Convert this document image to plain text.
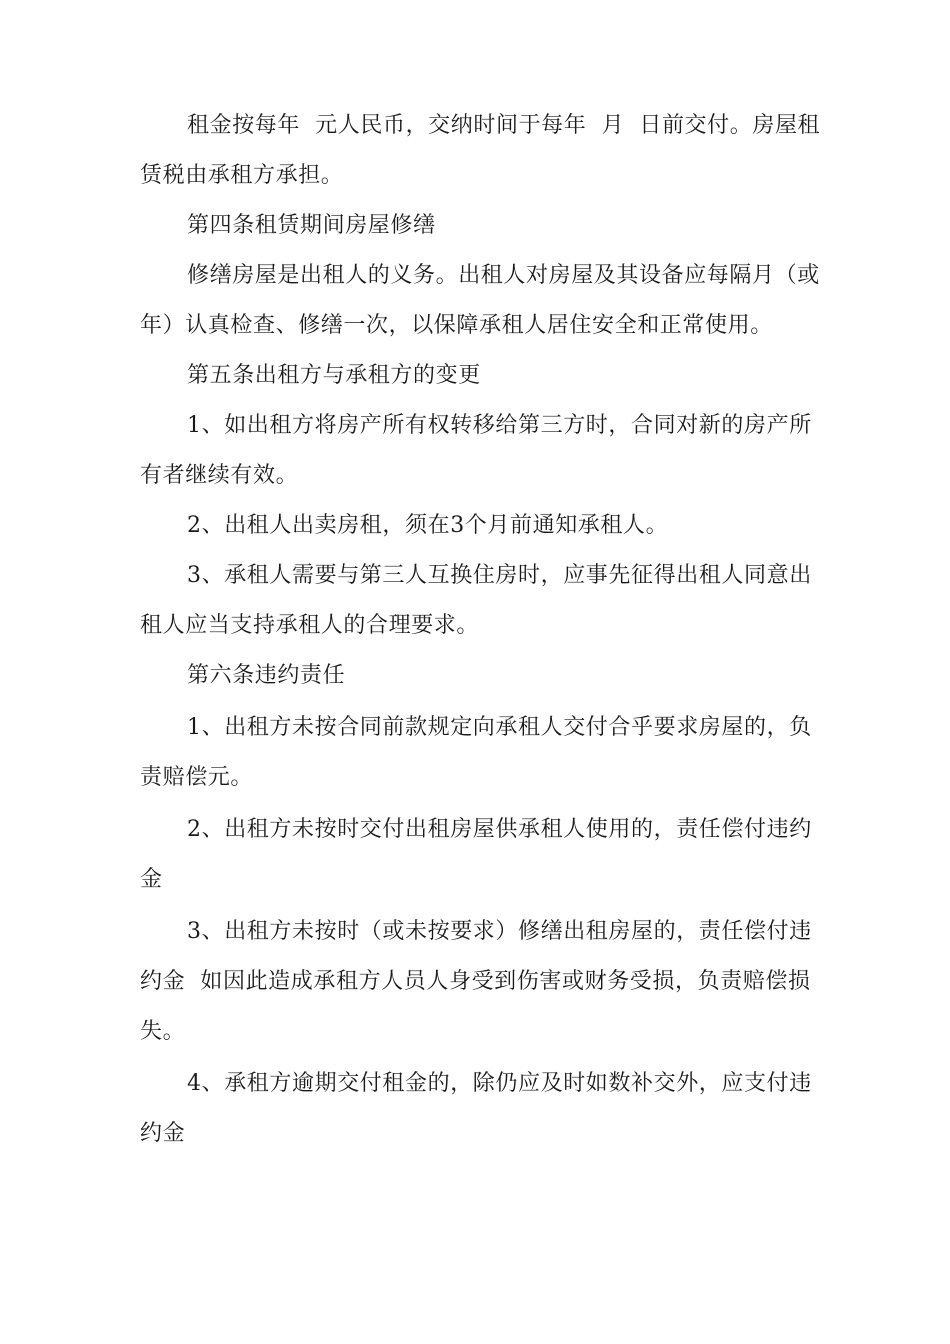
租金按每年  元人民币，交纳时间于每年  月  日前交付。房屋租
赁税由承租方承担。
第四条租赁期间房屋修缮
修缮房屋是出租人的义务。出租人对房屋及其设备应每隔月（或
年）认真检查、修缮一次，以保障承租人居住安全和正常使用。
第五条出租方与承租方的变更
1、如出租方将房产所有权转移给第三方时，合同对新的房产所
有者继续有效。
2、出租人出卖房租，须在3个月前通知承租人。
3、承租人需要与第三人互换住房时，应事先征得出租人同意出
租人应当支持承租人的合理要求。
第六条违约责任
1、出租方未按合同前款规定向承租人交付合乎要求房屋的，负
责赔偿元。
2、出租方未按时交付出租房屋供承租人使用的，责任偿付违约
金
3、出租方未按时（或未按要求）修缮出租房屋的，责任偿付违
约金  如因此造成承租方人员人身受到伤害或财务受损，负责赔偿损
失。
4、承租方逾期交付租金的，除仍应及时如数补交外，应支付违
约金
